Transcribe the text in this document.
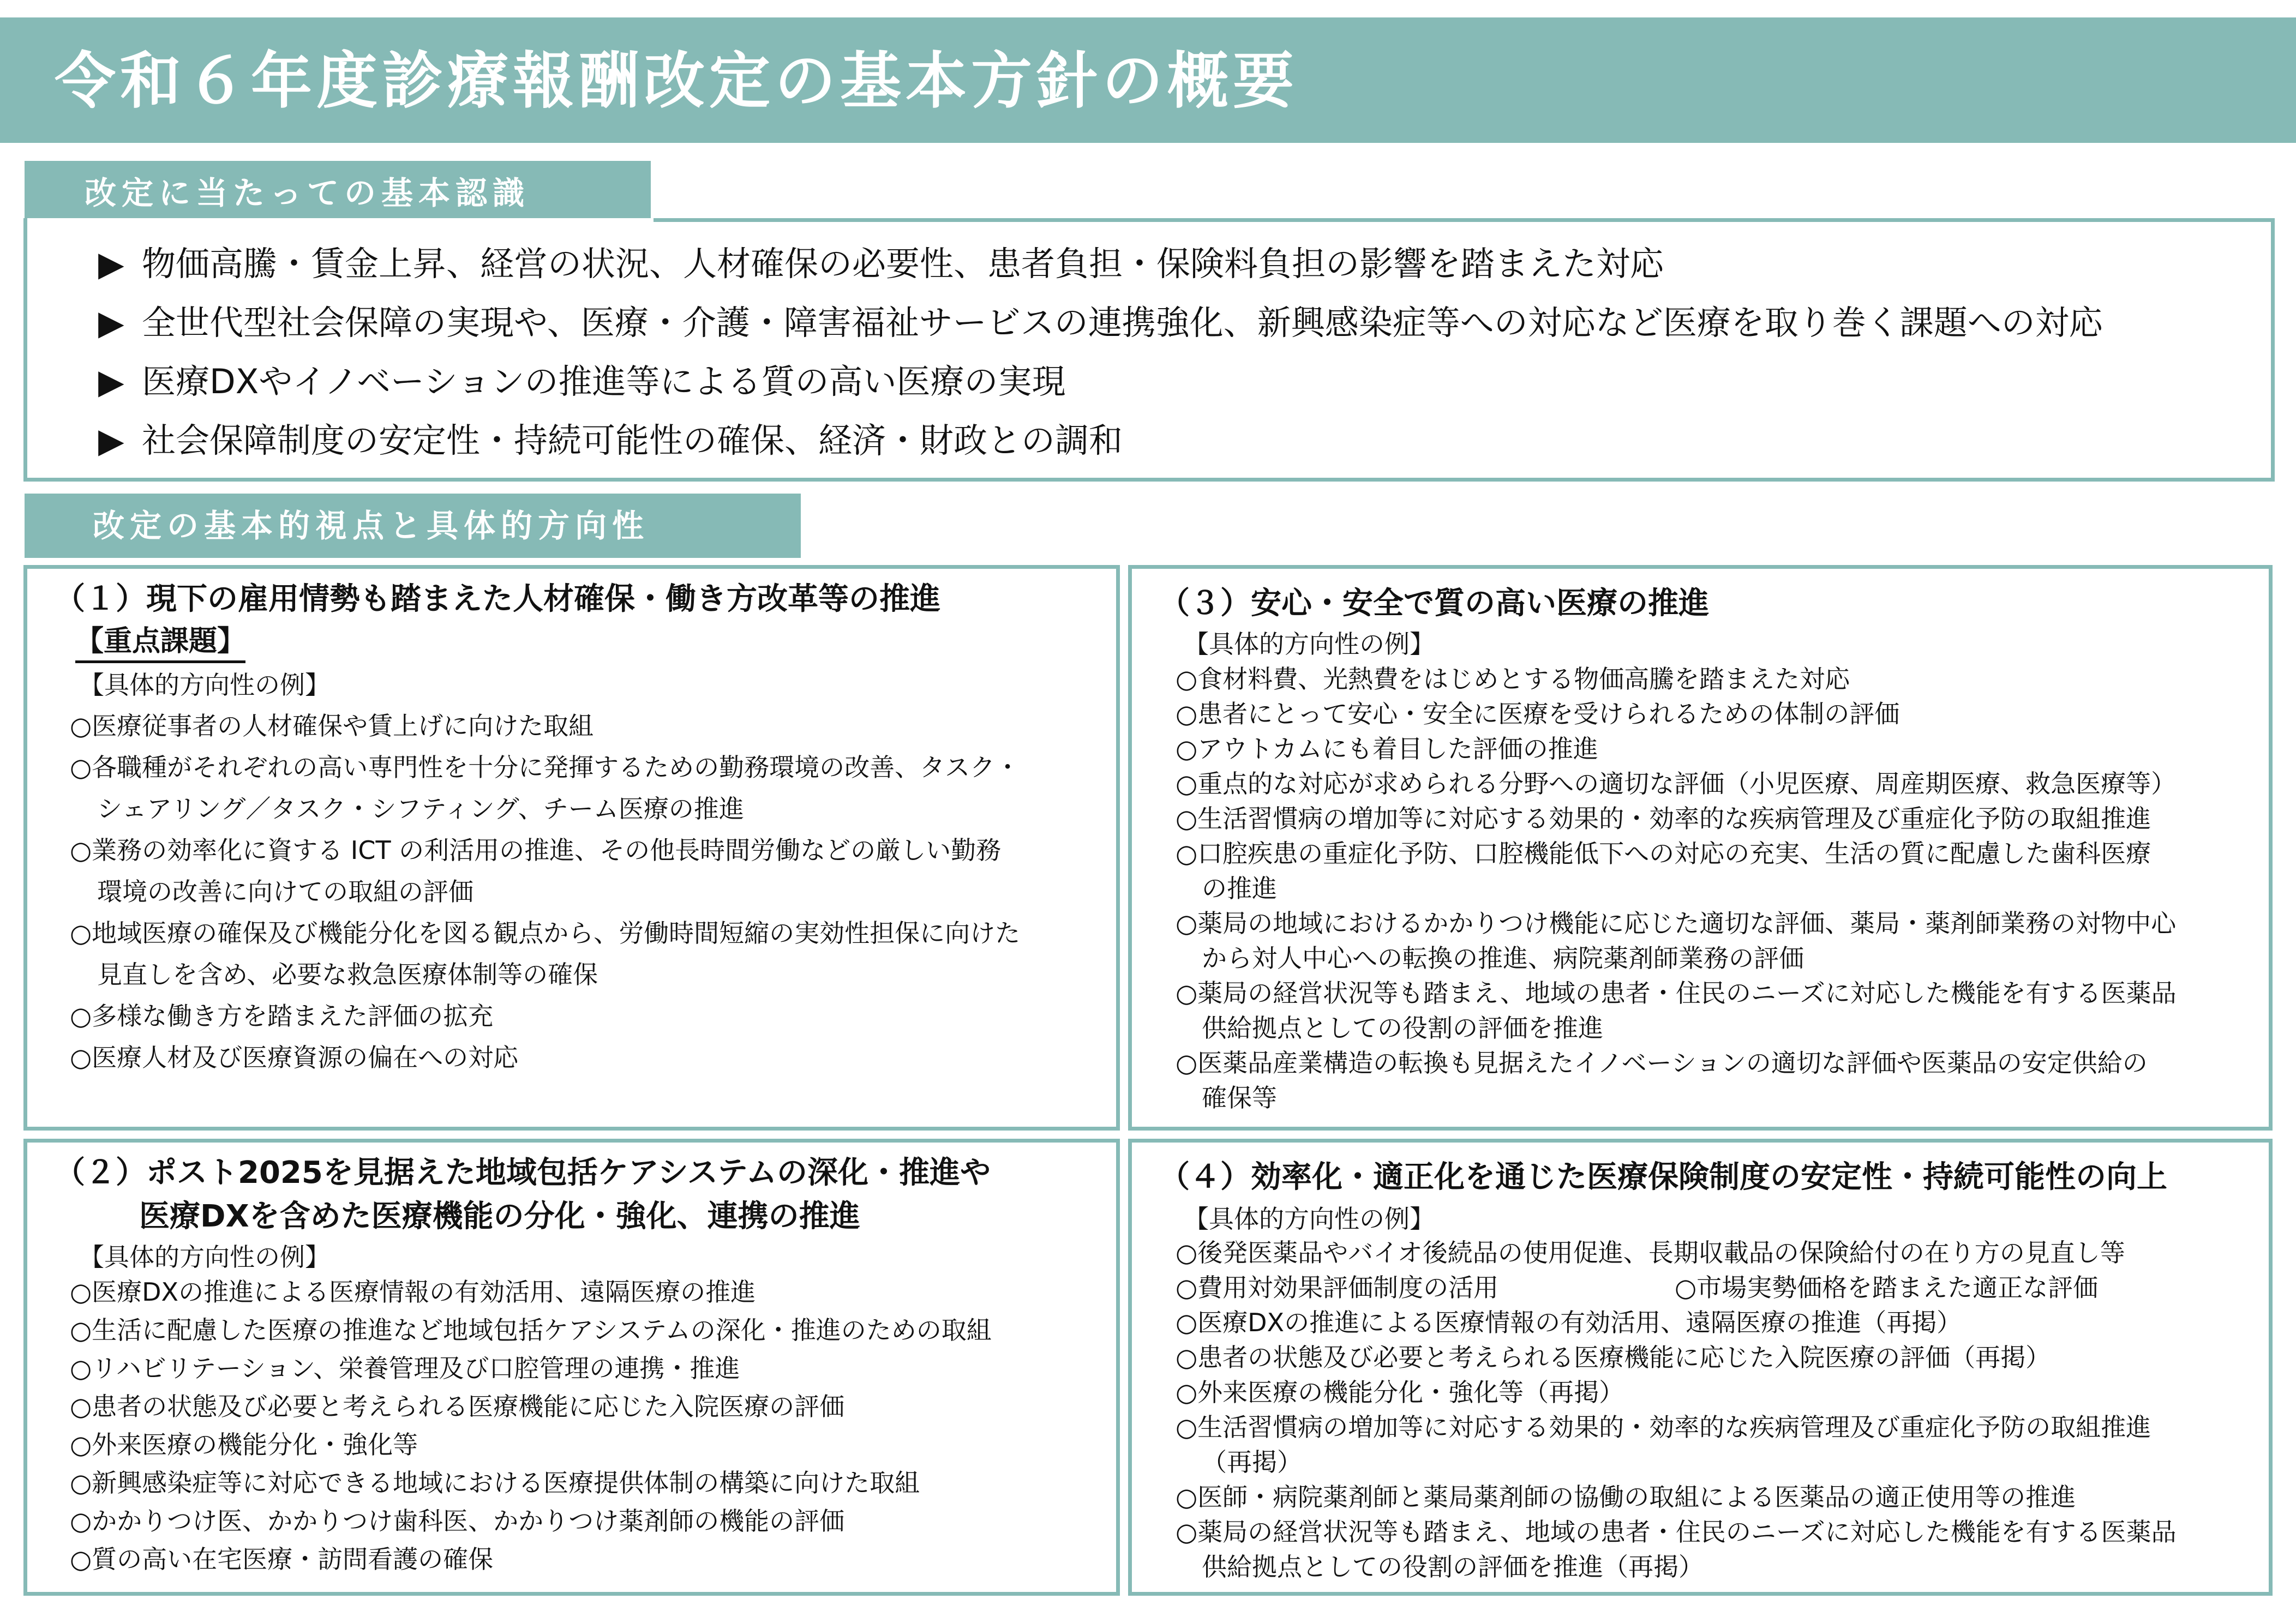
令和６年度診療報酬改定の基本方針の概要
改定に当たっての基本認識
▶ 物価高騰・賃金上昇、経営の状況、人材確保の必要性、患者負担・保険料負担の影響を踏まえた対応
▶ 全世代型社会保障の実現や、医療・介護・障害福祉サービスの連携強化、新興感染症等への対応など医療を取り巻く課題への対応
▶ 医療DXやイノベーションの推進等による質の高い医療の実現
▶ 社会保障制度の安定性・持続可能性の確保、経済・財政との調和
改定の基本的視点と具体的方向性
（１）現下の雇用情勢も踏まえた人材確保・働き方改革等の推進
【重点課題】
【具体的方向性の例】
○医療従事者の人材確保や賃上げに向けた取組
○各職種がそれぞれの高い専門性を十分に発揮するための勤務環境の改善、タスク・
シェアリング／タスク・シフティング、チーム医療の推進
○業務の効率化に資する ICT の利活用の推進、その他長時間労働などの厳しい勤務
環境の改善に向けての取組の評価
○地域医療の確保及び機能分化を図る観点から、労働時間短縮の実効性担保に向けた
見直しを含め、必要な救急医療体制等の確保
○多様な働き方を踏まえた評価の拡充
○医療人材及び医療資源の偏在への対応
（３）安心・安全で質の高い医療の推進
【具体的方向性の例】
○食材料費、光熱費をはじめとする物価高騰を踏まえた対応
○患者にとって安心・安全に医療を受けられるための体制の評価
○アウトカムにも着目した評価の推進
○重点的な対応が求められる分野への適切な評価（小児医療、周産期医療、救急医療等）
○生活習慣病の増加等に対応する効果的・効率的な疾病管理及び重症化予防の取組推進
○口腔疾患の重症化予防、口腔機能低下への対応の充実、生活の質に配慮した歯科医療
の推進
○薬局の地域におけるかかりつけ機能に応じた適切な評価、薬局・薬剤師業務の対物中心
から対人中心への転換の推進、病院薬剤師業務の評価
○薬局の経営状況等も踏まえ、地域の患者・住民のニーズに対応した機能を有する医薬品
供給拠点としての役割の評価を推進
○医薬品産業構造の転換も見据えたイノベーションの適切な評価や医薬品の安定供給の
確保等
（２）ポスト2025を見据えた地域包括ケアシステムの深化・推進や
医療DXを含めた医療機能の分化・強化、連携の推進
【具体的方向性の例】
○医療DXの推進による医療情報の有効活用、遠隔医療の推進
○生活に配慮した医療の推進など地域包括ケアシステムの深化・推進のための取組
○リハビリテーション、栄養管理及び口腔管理の連携・推進
○患者の状態及び必要と考えられる医療機能に応じた入院医療の評価
○外来医療の機能分化・強化等
○新興感染症等に対応できる地域における医療提供体制の構築に向けた取組
○かかりつけ医、かかりつけ歯科医、かかりつけ薬剤師の機能の評価
○質の高い在宅医療・訪問看護の確保
（４）効率化・適正化を通じた医療保険制度の安定性・持続可能性の向上
【具体的方向性の例】
○後発医薬品やバイオ後続品の使用促進、長期収載品の保険給付の在り方の見直し等
○費用対効果評価制度の活用	○市場実勢価格を踏まえた適正な評価
○医療DXの推進による医療情報の有効活用、遠隔医療の推進（再掲）
○患者の状態及び必要と考えられる医療機能に応じた入院医療の評価（再掲）
○外来医療の機能分化・強化等（再掲）
○生活習慣病の増加等に対応する効果的・効率的な疾病管理及び重症化予防の取組推進
（再掲）
○医師・病院薬剤師と薬局薬剤師の協働の取組による医薬品の適正使用等の推進
○薬局の経営状況等も踏まえ、地域の患者・住民のニーズに対応した機能を有する医薬品
供給拠点としての役割の評価を推進（再掲）
